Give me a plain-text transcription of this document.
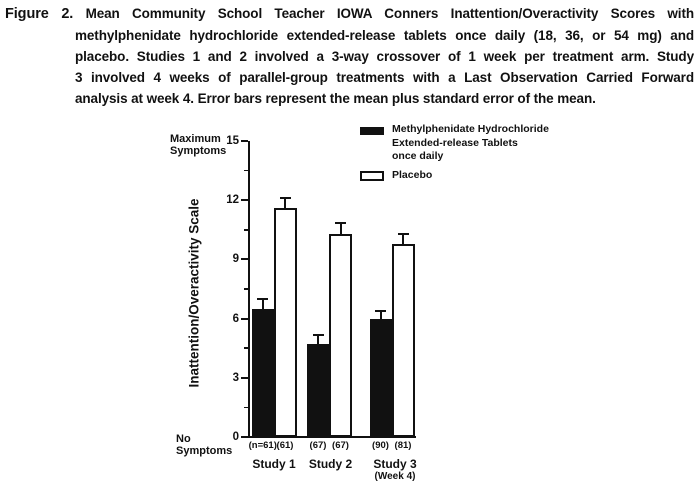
Figure 2. Mean Community School Teacher IOWA Conners Inattention/Overactivity Scores with
methylphenidate hydrochloride extended-release tablets once daily (18, 36, or 54 mg) and
placebo. Studies 1 and 2 involved a 3-way crossover of 1 week per treatment arm. Study
3 involved 4 weeks of parallel-group treatments with a Last Observation Carried Forward
analysis at week 4. Error bars represent the mean plus standard error of the mean.
Maximum Symptoms
No Symptoms
Inattention/Overactivity Scale
Methylphenidate Hydrochloride
Extended-release Tablets
once daily
Placebo
0
3
6
9
12
15
(n=61)	(67)	(90)
(61)	(67)	(81)
Study 1	Study 2	Study 3
(Week 4)
